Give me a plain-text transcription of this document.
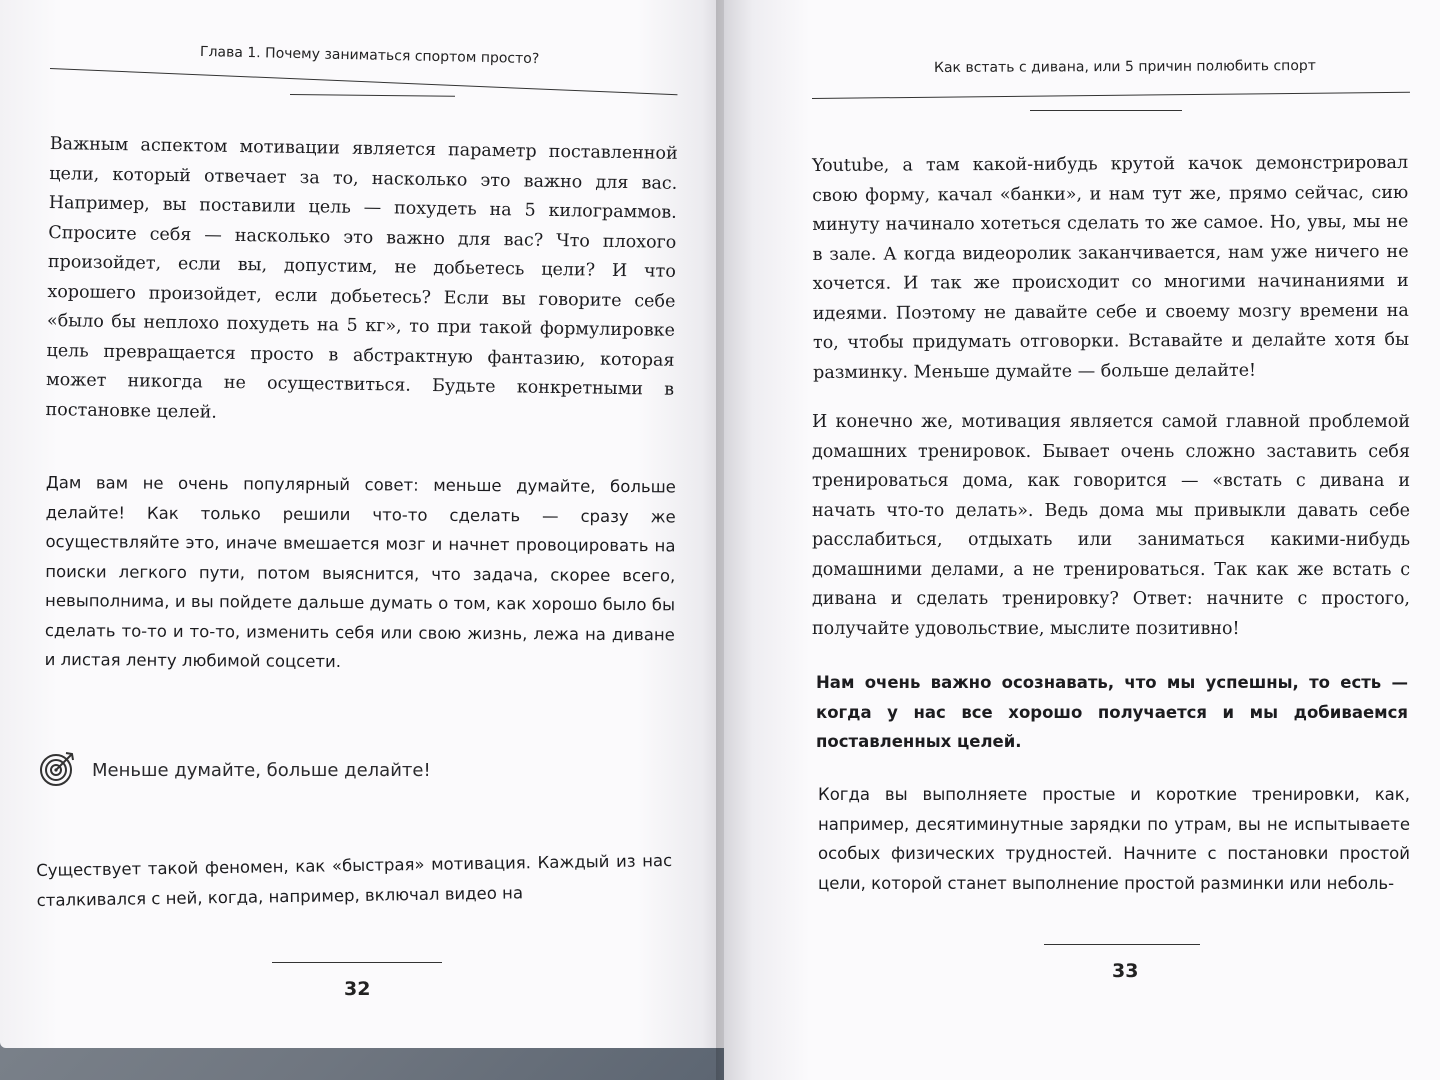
Глава 1. Почему заниматься спортом просто?

Важным аспектом мотивации является параметр поставленной цели, который отвечает за то, насколько это важно для вас. Например, вы поставили цель — похудеть на 5 килограммов. Спросите себя — насколько это важно для вас? Что плохого произойдет, если вы, допустим, не добьетесь цели? И что хорошего произойдет, если добьетесь? Если вы говорите себе «было бы неплохо похудеть на 5 кг», то при такой формулировке цель превращается просто в абстрактную фантазию, которая может никогда не осуществиться. Будьте конкретными в постановке целей.

Дам вам не очень популярный совет: меньше думайте, больше делайте! Как только решили что-то сделать — сразу же осуществляйте это, иначе вмешается мозг и начнет провоцировать на поиски легкого пути, потом выяснится, что задача, скорее всего, невыполнима, и вы пойдете дальше думать о том, как хорошо было бы сделать то-то и то-то, изменить себя или свою жизнь, лежа на диване и листая ленту любимой соцсети.

Меньше думайте, больше делайте!

Существует такой феномен, как «быстрая» мотивация. Каждый из нас сталкивался с ней, когда, например, включал видео на

32
Как встать с дивана, или 5 причин полюбить спорт

Youtube, а там какой-нибудь крутой качок демонстрировал свою форму, качал «банки», и нам тут же, прямо сейчас, сию минуту начинало хотеться сделать то же самое. Но, увы, мы не в зале. А когда видеоролик заканчивается, нам уже ничего не хочется. И так же происходит со многими начинаниями и идеями. Поэтому не давайте себе и своему мозгу времени на то, чтобы придумать отговорки. Вставайте и делайте хотя бы разминку. Меньше думайте — больше делайте!

И конечно же, мотивация является самой главной проблемой домашних тренировок. Бывает очень сложно заставить себя тренироваться дома, как говорится — «встать с дивана и начать что-то делать». Ведь дома мы привыкли давать себе расслабиться, отдыхать или заниматься какими-нибудь домашними делами, а не тренироваться. Так как же встать с дивана и сделать тренировку? Ответ: начните с простого, получайте удовольствие, мыслите позитивно!

Нам очень важно осознавать, что мы успешны, то есть — когда у нас все хорошо получается и мы добиваемся поставленных целей.

Когда вы выполняете простые и короткие тренировки, как, например, десятиминутные зарядки по утрам, вы не испытываете особых физических трудностей. Начните с постановки простой цели, которой станет выполнение простой разминки или неболь-

33
